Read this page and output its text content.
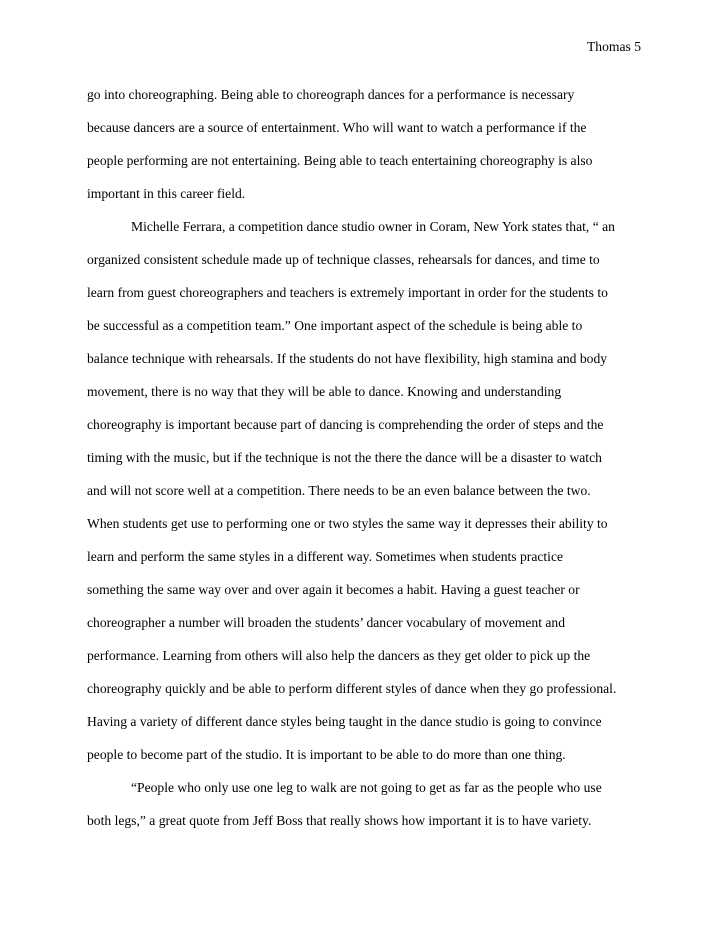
Thomas 5
go into choreographing. Being able to choreograph dances for a performance is necessary
because dancers are a source of entertainment. Who will want to watch a performance if the
people performing are not entertaining. Being able to teach entertaining choreography is also
important in this career field.
Michelle Ferrara, a competition dance studio owner in Coram, New York states that, “ an
organized consistent schedule made up of technique classes, rehearsals for dances, and time to
learn from guest choreographers and teachers is extremely important in order for the students to
be successful as a competition team.” One important aspect of the schedule is being able to
balance technique with rehearsals. If the students do not have flexibility, high stamina and body
movement, there is no way that they will be able to dance. Knowing and understanding
choreography is important because part of dancing is comprehending the order of steps and the
timing with the music, but if the technique is not the there the dance will be a disaster to watch
and will not score well at a competition. There needs to be an even balance between the two.
When students get use to performing one or two styles the same way it depresses their ability to
learn and perform the same styles in a different way. Sometimes when students practice
something the same way over and over again it becomes a habit. Having a guest teacher or
choreographer a number will broaden the students’ dancer vocabulary of movement and
performance. Learning from others will also help the dancers as they get older to pick up the
choreography quickly and be able to perform different styles of dance when they go professional.
Having a variety of different dance styles being taught in the dance studio is going to convince
people to become part of the studio. It is important to be able to do more than one thing.
“People who only use one leg to walk are not going to get as far as the people who use
both legs,” a great quote from Jeff Boss that really shows how important it is to have variety.
